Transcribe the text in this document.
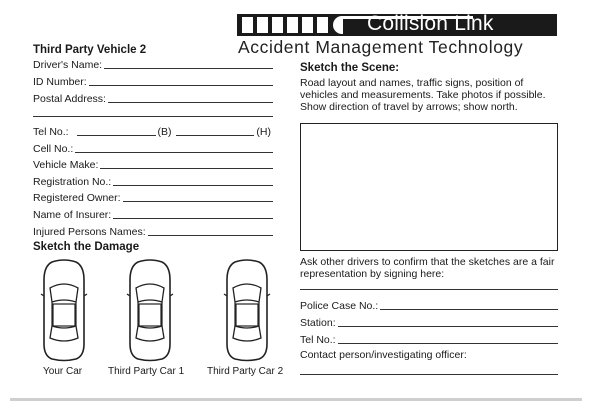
Collision Link
Accident Management Technology
Third Party Vehicle 2
Driver's Name:
ID Number:
Postal Address:
Tel No.:	(B)	(H)
Cell No.:
Vehicle Make:
Registration No.:
Registered Owner:
Name of Insurer:
Injured Persons Names:
Sketch the Damage
Your Car	Third Party Car 1 Third Party Car 2
Sketch the Scene:
Road layout and names, traffic signs, position of vehicles and measurements. Take photos if possible. Show direction of travel by arrows; show north.
Ask other drivers to confirm that the sketches are a fair representation by signing here:
Police Case No.:
Station:
Tel No.:
Contact person/investigating officer:
